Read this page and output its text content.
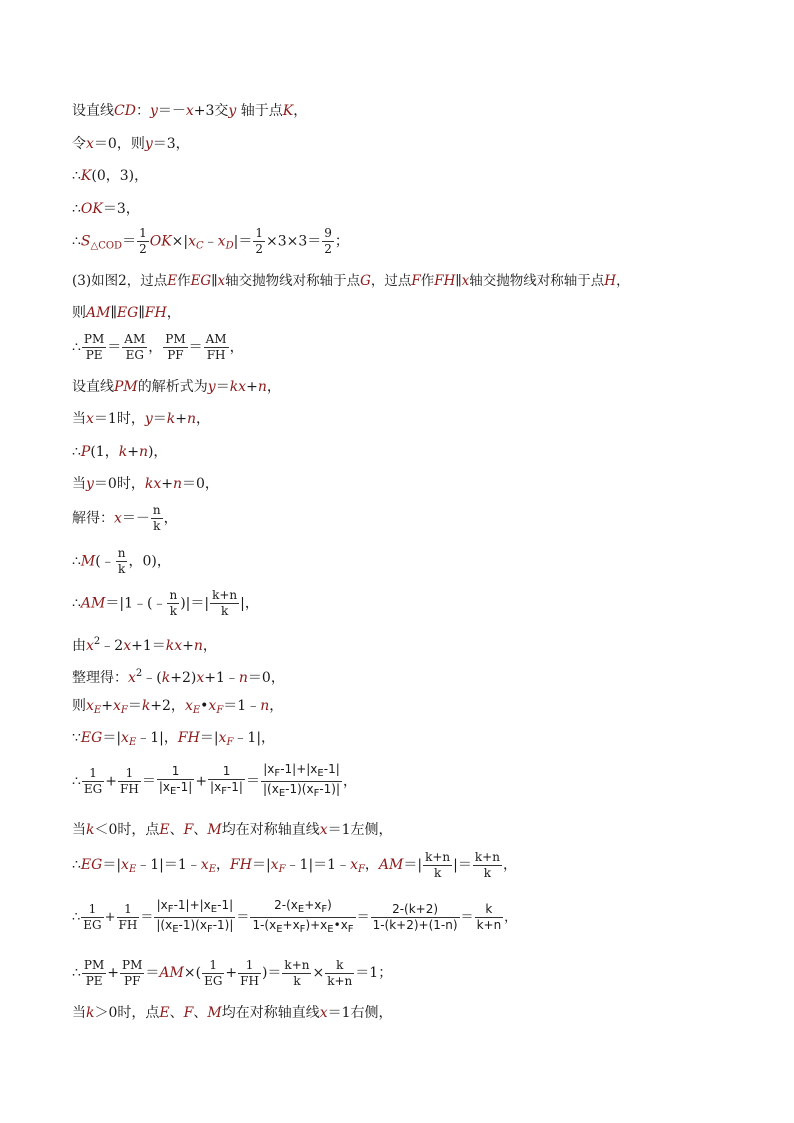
设直线CD：y＝－x+3交y 轴于点K，
令x＝0，则y＝3，
∴K(0，3)，
∴OK＝3，
$\therefore S_{\triangle COD}= \frac{1}{2}$ $OK\times|x_C﹣x_D|= \frac{1}{2} \times 3\times 3= \frac{9}{2}$ ；
(3)如图2，过点E作EG∥x轴交抛物线对称轴于点G，过点F作FH∥x轴交抛物线对称轴于点H，
则AM∥EG∥FH，
∴ $\frac{PM}{PE} = \frac{AM}{EG}$ ， $\frac{PM}{PF} = \frac{AM}{FH}$ ，
设直线PM的解析式为y＝kx+n，
当x＝1时，y＝k+n，
∴P(1，k+n)，
当y＝0时，kx+n＝0，
解得：$x=- \frac{n}{k}$ ，
∴M(﹣ $\frac{n}{k}$ ，0)，
∴AM＝|1﹣(﹣ $\frac{n}{k}$ )|＝| $\frac{k+n}{k}$ |，
由$x^2﹣2x+1=kx+n$，
整理得：$x^2﹣(k+2)x+1﹣n=0$，
则$x_E+x_F=k+2$，$x_E•x_F=1﹣n$，
$\because EG=|x_E﹣1|$，$FH=|x_F﹣1|$，
∴ $\frac{1}{EG} + \frac{1}{FH} = \frac{1}{|x_E-1|} + \frac{1}{|x_F-1|} = \frac{|x_F-1|+|x_E-1|}{|(x_E-1)(x_F-1)|}$ ，
当k＜0时，点E、F、M均在对称轴直线x＝1左侧，
$\therefore EG=|x_E﹣1|=1﹣x_E$，$FH=|x_F﹣1|=1﹣x_F$，$AM=| \frac{k+n}{k}$ |＝ $\frac{k+n}{k}$ ，
∴ $\frac{1}{EG} + \frac{1}{FH} = \frac{|x_F-1|+|x_E-1|}{|(x_E-1)(x_F-1)|} = \frac{2-(x_E+x_F)}{1-(x_E+x_F)+x_E•x_F} = \frac{2-(k+2)}{1-(k+2)+(1-n)} = \frac{k}{k+n}$ ，
∴ $\frac{PM}{PE} + \frac{PM}{PF} =AM\times( \frac{1}{EG} + \frac{1}{FH}$ )＝ $\frac{k+n}{k} \times \frac{k}{k+n} =1$；
当k＞0时，点E、F、M均在对称轴直线x＝1右侧，
